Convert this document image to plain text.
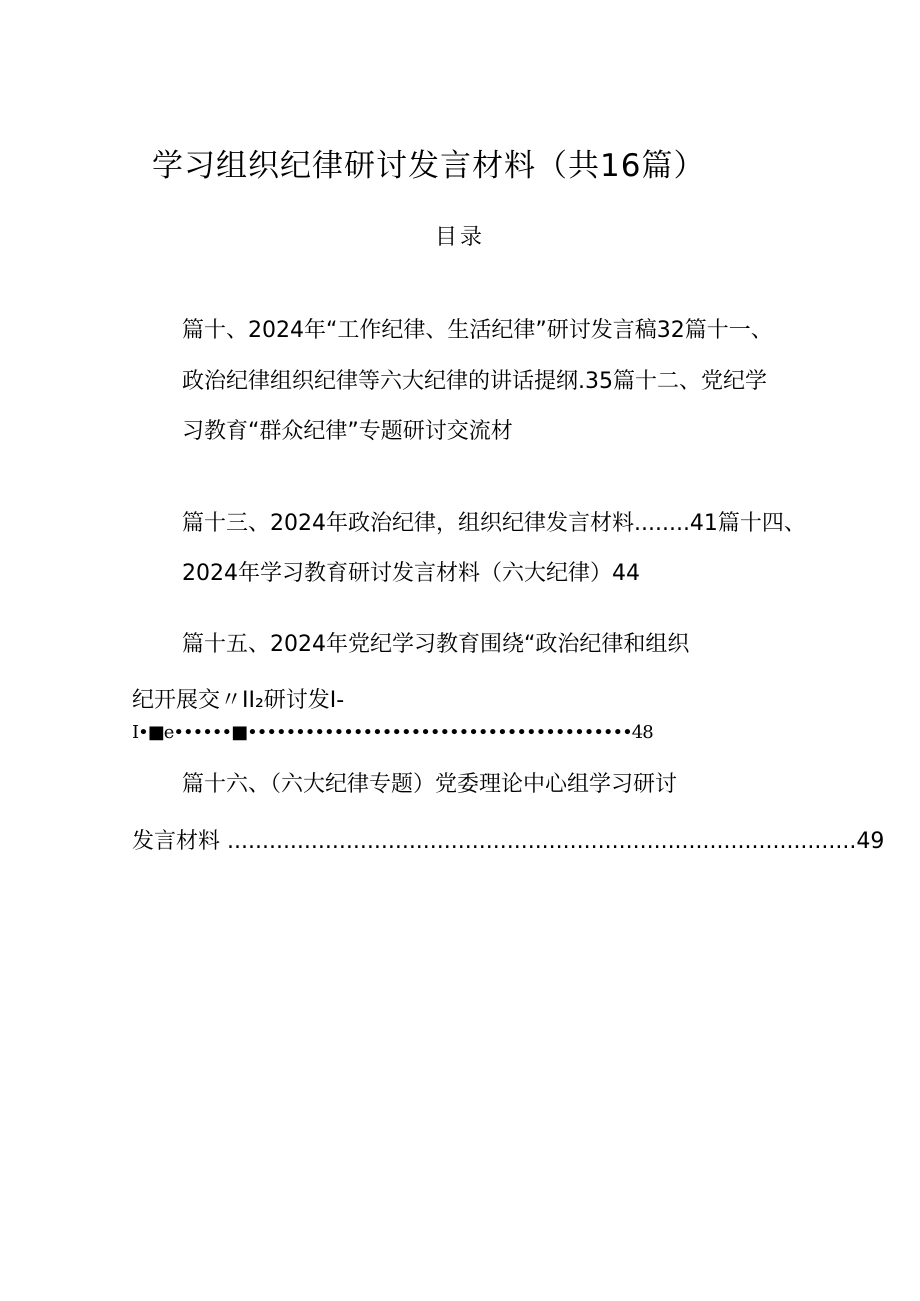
学习组织纪律研讨发言材料（共16篇）
目录
篇十、2024年“工作纪律、生活纪律”研讨发言稿32篇十一、
政治纪律组织纪律等六大纪律的讲话提纲.35篇十二、党纪学
习教育“群众纪律”专题研讨交流材
篇十三、2024年政治纪律，组织纪律发言材料........41篇十四、
2024年学习教育研讨发言材料（六大纪律）44
篇十五、2024年党纪学习教育围绕“政治纪律和组织
纪开展交〃II₂研讨发I-
I•■e••••••■••••••••••••••••••••••••••••••••••••••••48
篇十六、（六大纪律专题）党委理论中心组学习研讨
发言材料 ..........................................................................................49
